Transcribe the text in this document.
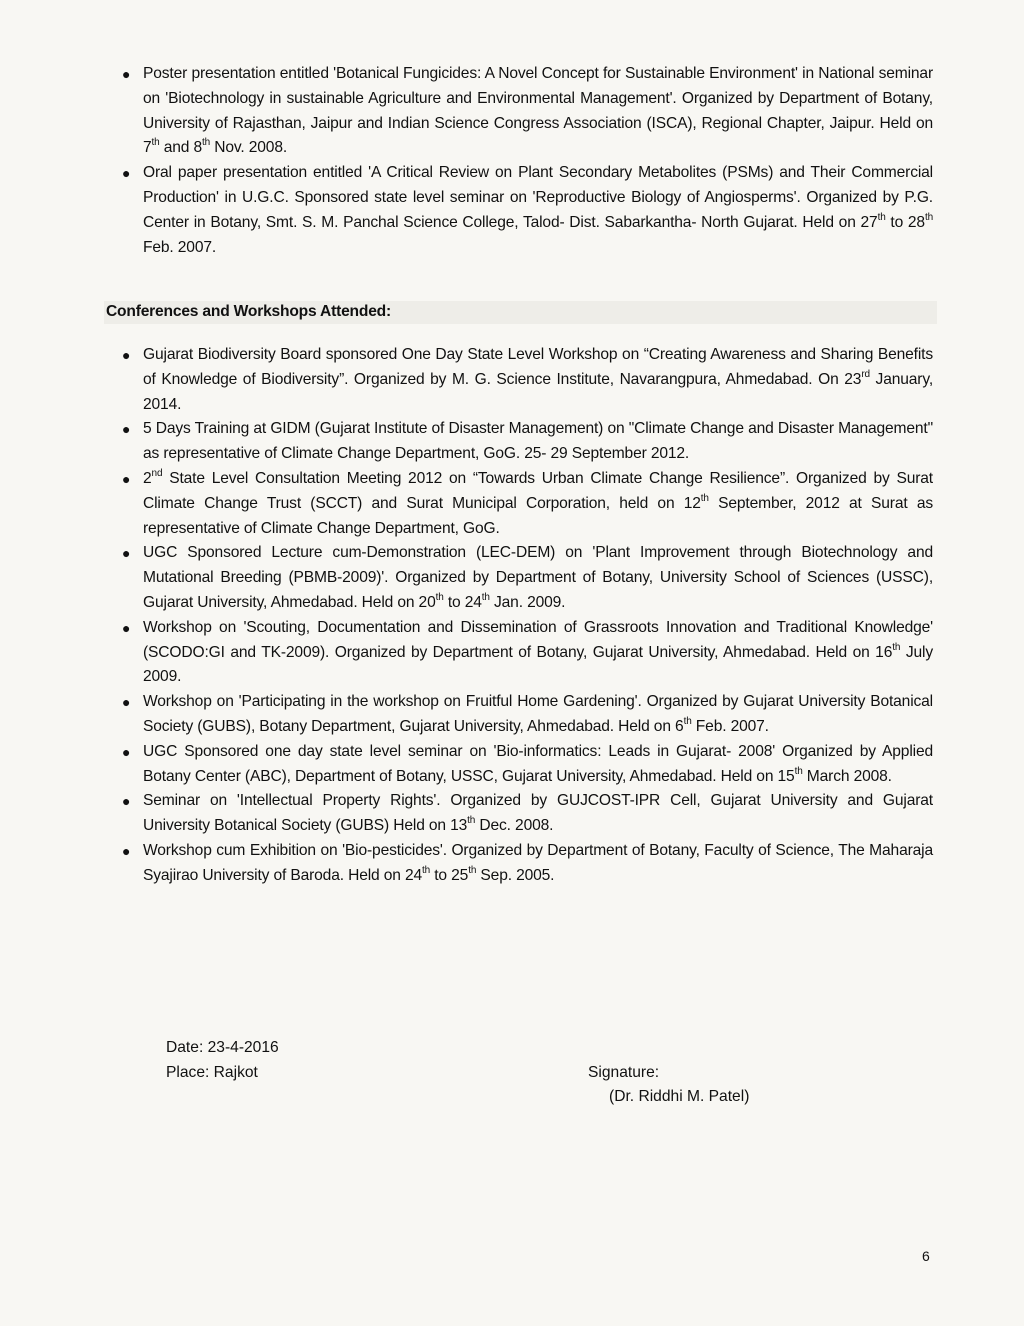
● Poster presentation entitled 'Botanical Fungicides: A Novel Concept for Sustainable Environment' in National seminar on 'Biotechnology in sustainable Agriculture and Environmental Management'. Organized by Department of Botany, University of Rajasthan, Jaipur and Indian Science Congress Association (ISCA), Regional Chapter, Jaipur. Held on 7th and 8th Nov. 2008.
● Oral paper presentation entitled 'A Critical Review on Plant Secondary Metabolites (PSMs) and Their Commercial Production' in U.G.C. Sponsored state level seminar on 'Reproductive Biology of Angiosperms'. Organized by P.G. Center in Botany, Smt. S. M. Panchal Science College, Talod- Dist. Sabarkantha- North Gujarat. Held on 27th to 28th Feb. 2007.
Conferences and Workshops Attended:
● Gujarat Biodiversity Board sponsored One Day State Level Workshop on “Creating Awareness and Sharing Benefits of Knowledge of Biodiversity”. Organized by M. G. Science Institute, Navarangpura, Ahmedabad. On 23rd January, 2014.
● 5 Days Training at GIDM (Gujarat Institute of Disaster Management) on "Climate Change and Disaster Management" as representative of Climate Change Department, GoG. 25- 29 September 2012.
● 2nd State Level Consultation Meeting 2012 on “Towards Urban Climate Change Resilience”. Organized by Surat Climate Change Trust (SCCT) and Surat Municipal Corporation, held on 12th September, 2012 at Surat as representative of Climate Change Department, GoG.
● UGC Sponsored Lecture cum-Demonstration (LEC-DEM) on 'Plant Improvement through Biotechnology and Mutational Breeding (PBMB-2009)'. Organized by Department of Botany, University School of Sciences (USSC), Gujarat University, Ahmedabad. Held on 20th to 24th Jan. 2009.
● Workshop on 'Scouting, Documentation and Dissemination of Grassroots Innovation and Traditional Knowledge' (SCODO:GI and TK-2009). Organized by Department of Botany, Gujarat University, Ahmedabad. Held on 16th July 2009.
● Workshop on 'Participating in the workshop on Fruitful Home Gardening'. Organized by Gujarat University Botanical Society (GUBS), Botany Department, Gujarat University, Ahmedabad. Held on 6th Feb. 2007.
● UGC Sponsored one day state level seminar on 'Bio-informatics: Leads in Gujarat- 2008' Organized by Applied Botany Center (ABC), Department of Botany, USSC, Gujarat University, Ahmedabad. Held on 15th March 2008.
● Seminar on 'Intellectual Property Rights'. Organized by GUJCOST-IPR Cell, Gujarat University and Gujarat University Botanical Society (GUBS) Held on 13th Dec. 2008.
● Workshop cum Exhibition on 'Bio-pesticides'. Organized by Department of Botany, Faculty of Science, The Maharaja Syajirao University of Baroda. Held on 24th to 25th Sep. 2005.
Date: 23-4-2016
Place: Rajkot	Signature:
(Dr. Riddhi M. Patel)
6
